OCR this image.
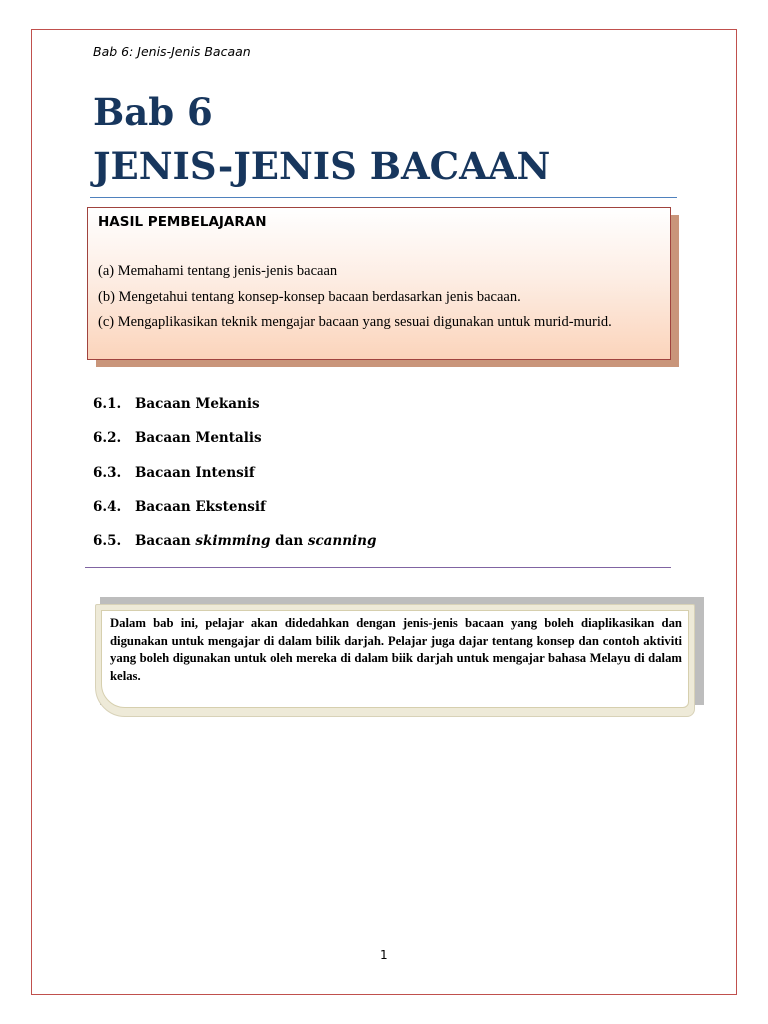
Bab 6: Jenis-Jenis Bacaan
Bab 6
JENIS-JENIS BACAAN
HASIL PEMBELAJARAN
(a) Memahami tentang jenis-jenis bacaan
(b) Mengetahui tentang konsep-konsep bacaan berdasarkan jenis bacaan.
(c) Mengaplikasikan teknik mengajar bacaan yang sesuai digunakan untuk murid-murid.
6.1.	Bacaan Mekanis
6.2.	Bacaan Mentalis
6.3.	Bacaan Intensif
6.4.	Bacaan Ekstensif
6.5.	Bacaan skimming dan scanning

Dalam bab ini, pelajar akan didedahkan dengan jenis-jenis bacaan yang boleh diaplikasikan dan digunakan untuk mengajar di dalam bilik darjah. Pelajar juga dajar tentang konsep dan contoh aktiviti yang boleh digunakan untuk oleh mereka di dalam biik darjah untuk mengajar bahasa Melayu di dalam kelas.

1
